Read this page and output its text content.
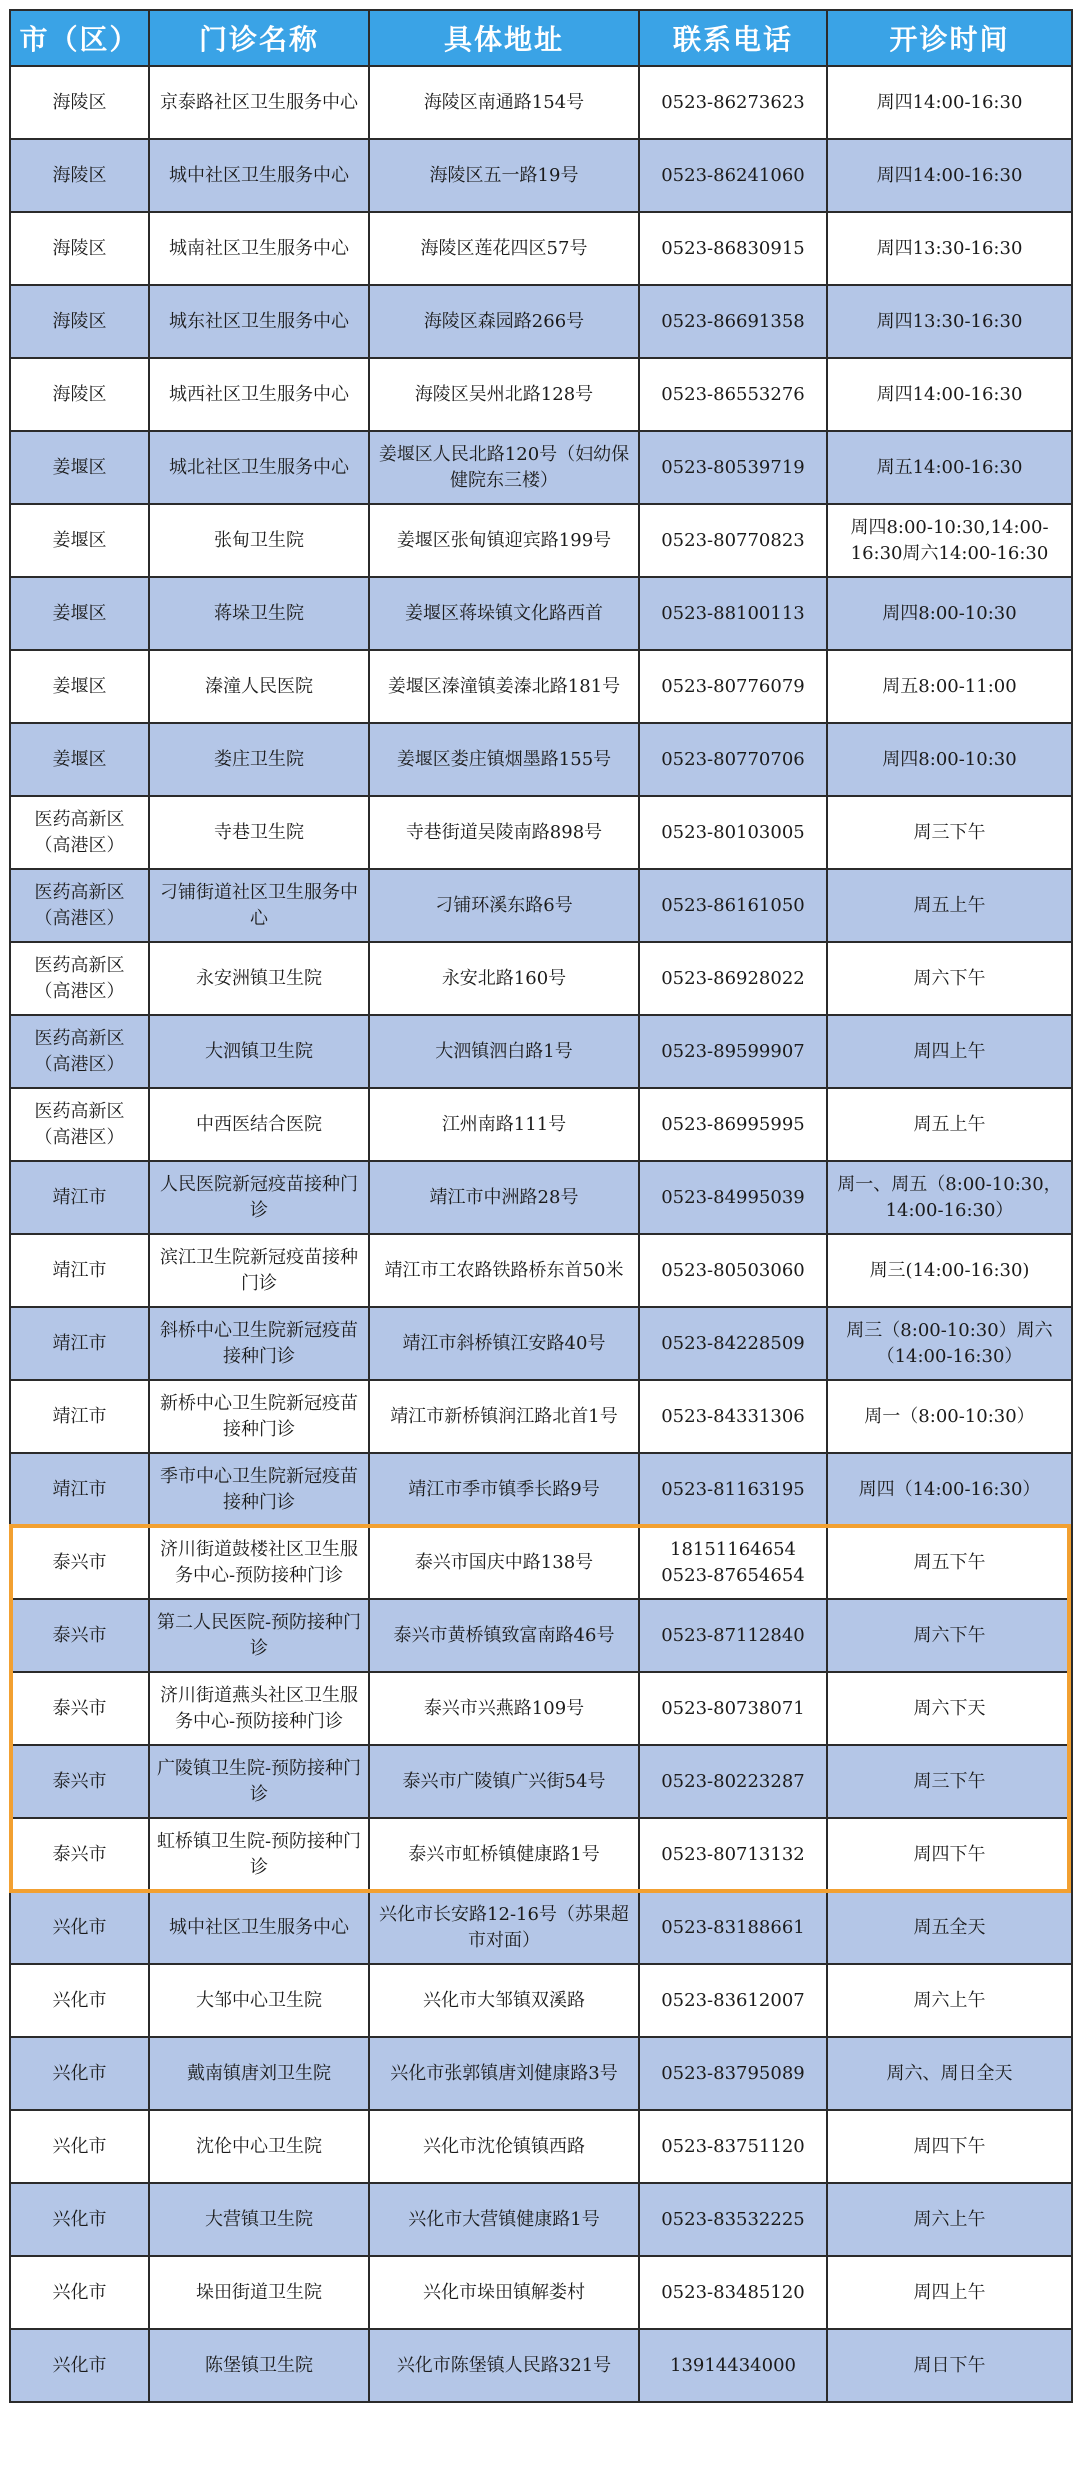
市（区）	门诊名称	具体地址	联系电话	开诊时间

海陵区	京泰路社区卫生服务中心	海陵区南通路154号	0523-86273623	周四14:00-16:30

海陵区	城中社区卫生服务中心	海陵区五一路19号	0523-86241060	周四14:00-16:30

海陵区	城南社区卫生服务中心	海陵区莲花四区57号	0523-86830915	周四13:30-16:30

海陵区	城东社区卫生服务中心	海陵区森园路266号	0523-86691358	周四13:30-16:30

海陵区	城西社区卫生服务中心	海陵区吴州北路128号	0523-86553276	周四14:00-16:30

姜堰区	城北社区卫生服务中心	姜堰区人民北路120号（妇幼保健院东三楼）	0523-80539719	周五14:00-16:30

姜堰区	张甸卫生院	姜堰区张甸镇迎宾路199号	0523-80770823	周四8:00-10:30,14:00-16:30周六14:00-16:30

姜堰区	蒋垛卫生院	姜堰区蒋垛镇文化路西首	0523-88100113	周四8:00-10:30

姜堰区	溱潼人民医院	姜堰区溱潼镇姜溱北路181号	0523-80776079	周五8:00-11:00

姜堰区	娄庄卫生院	姜堰区娄庄镇烟墨路155号	0523-80770706	周四8:00-10:30

医药高新区（高港区）	寺巷卫生院	寺巷街道吴陵南路898号	0523-80103005	周三下午

医药高新区（高港区）	刁铺街道社区卫生服务中心	刁铺环溪东路6号	0523-86161050	周五上午

医药高新区（高港区）	永安洲镇卫生院	永安北路160号	0523-86928022	周六下午

医药高新区（高港区）	大泗镇卫生院	大泗镇泗白路1号	0523-89599907	周四上午

医药高新区（高港区）	中西医结合医院	江州南路111号	0523-86995995	周五上午

靖江市	人民医院新冠疫苗接种门诊	靖江市中洲路28号	0523-84995039	周一、周五（8:00-10:30，14:00-16:30）

靖江市	滨江卫生院新冠疫苗接种门诊	靖江市工农路铁路桥东首50米	0523-80503060	周三(14:00-16:30)

靖江市	斜桥中心卫生院新冠疫苗接种门诊	靖江市斜桥镇江安路40号	0523-84228509	周三（8:00-10:30）周六（14:00-16:30）

靖江市	新桥中心卫生院新冠疫苗接种门诊	靖江市新桥镇润江路北首1号	0523-84331306	周一（8:00-10:30）

靖江市	季市中心卫生院新冠疫苗接种门诊	靖江市季市镇季长路9号	0523-81163195	周四（14:00-16:30）

泰兴市	济川街道鼓楼社区卫生服务中心-预防接种门诊	泰兴市国庆中路138号	18151164654 0523-87654654	周五下午

泰兴市	第二人民医院-预防接种门诊	泰兴市黄桥镇致富南路46号	0523-87112840	周六下午

泰兴市	济川街道燕头社区卫生服务中心-预防接种门诊	泰兴市兴燕路109号	0523-80738071	周六下天

泰兴市	广陵镇卫生院-预防接种门诊	泰兴市广陵镇广兴街54号	0523-80223287	周三下午

泰兴市	虹桥镇卫生院-预防接种门诊	泰兴市虹桥镇健康路1号	0523-80713132	周四下午

兴化市	城中社区卫生服务中心	兴化市长安路12-16号（苏果超市对面）	0523-83188661	周五全天

兴化市	大邹中心卫生院	兴化市大邹镇双溪路	0523-83612007	周六上午

兴化市	戴南镇唐刘卫生院	兴化市张郭镇唐刘健康路3号	0523-83795089	周六、周日全天

兴化市	沈伦中心卫生院	兴化市沈伦镇镇西路	0523-83751120	周四下午

兴化市	大营镇卫生院	兴化市大营镇健康路1号	0523-83532225	周六上午

兴化市	垛田街道卫生院	兴化市垛田镇解娄村	0523-83485120	周四上午

兴化市	陈堡镇卫生院	兴化市陈堡镇人民路321号	13914434000	周日下午
大众论坛 www.hybbs.net
